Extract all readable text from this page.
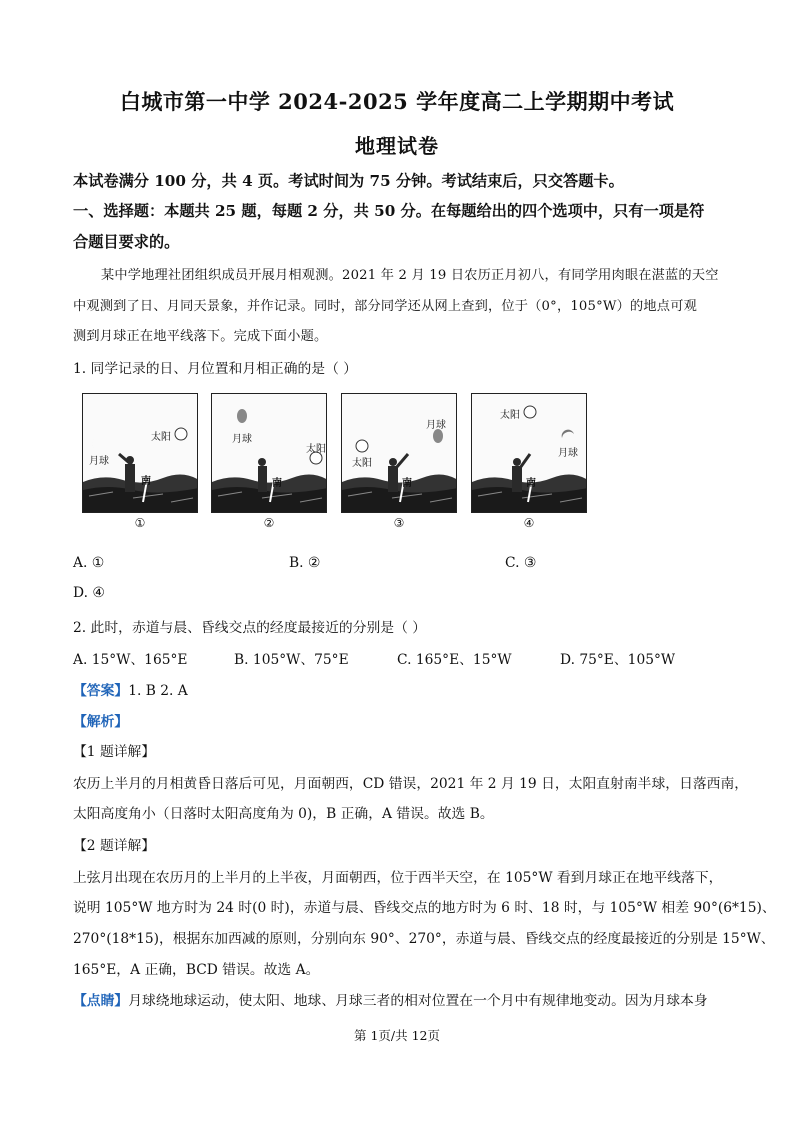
白城市第一中学 2024-2025 学年度高二上学期期中考试
地理试卷
本试卷满分 100 分，共 4 页。考试时间为 75 分钟。考试结束后，只交答题卡。
一、选择题：本题共 25 题，每题 2 分，共 50 分。在每题给出的四个选项中，只有一项是符
合题目要求的。
某中学地理社团组织成员开展月相观测。2021 年 2 月 19 日农历正月初八，有同学用肉眼在湛蓝的天空
中观测到了日、月同天景象，并作记录。同时，部分同学还从网上查到，位于（0°，105°W）的地点可观
测到月球正在地平线落下。完成下面小题。
1. 同学记录的日、月位置和月相正确的是（ ）
月球
太阳
南
①
月球
太阳
南
②
月球
太阳
南
③
月球
太阳
南
④
A. ①	B. ②	C. ③
D. ④
2. 此时，赤道与晨、昏线交点的经度最接近的分别是（ ）
A. 15°W、165°E	B. 105°W、75°E	C. 165°E、15°W	D. 75°E、105°W
【答案】1. B 2. A
【解析】
【1 题详解】
农历上半月的月相黄昏日落后可见，月面朝西，CD 错误，2021 年 2 月 19 日，太阳直射南半球，日落西南，
太阳高度角小（日落时太阳高度角为 0)，B 正确，A 错误。故选 B。
【2 题详解】
上弦月出现在农历月的上半月的上半夜，月面朝西，位于西半天空，在 105°W 看到月球正在地平线落下，
说明 105°W 地方时为 24 时(0 时)，赤道与晨、昏线交点的地方时为 6 时、18 时，与 105°W 相差 90°(6*15)、
270°(18*15)，根据东加西减的原则，分别向东 90°、270°，赤道与晨、昏线交点的经度最接近的分别是 15°W、
165°E，A 正确，BCD 错误。故选 A。
【点睛】月球绕地球运动，使太阳、地球、月球三者的相对位置在一个月中有规律地变动。因为月球本身
第 1页/共 12页
